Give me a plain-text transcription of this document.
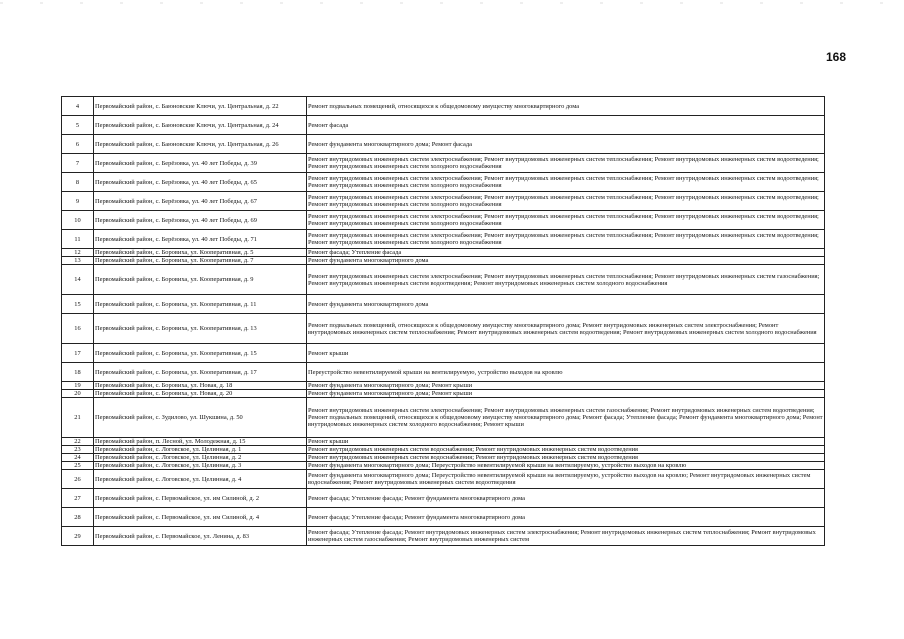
168
4	Первомайский район, с. Баюновские Ключи, ул. Центральная, д. 22	Ремонт подвальных помещений, относящихся к общедомовому имуществу многоквартирного дома
5	Первомайский район, с. Баюновские Ключи, ул. Центральная, д. 24	Ремонт фасада
6	Первомайский район, с. Баюновские Ключи, ул. Центральная, д. 26	Ремонт фундамента многоквартирного дома; Ремонт фасада
7	Первомайский район, с. Берёзовка, ул. 40 лет Победы, д. 39	Ремонт внутридомовых инженерных систем электроснабжения; Ремонт внутридомовых инженерных систем теплоснабжения; Ремонт внутридомовых инженерных систем водоотведения; Ремонт внутридомовых инженерных систем холодного водоснабжения
8	Первомайский район, с. Берёзовка, ул. 40 лет Победы, д. 65	Ремонт внутридомовых инженерных систем электроснабжения; Ремонт внутридомовых инженерных систем теплоснабжения; Ремонт внутридомовых инженерных систем водоотведения; Ремонт внутридомовых инженерных систем холодного водоснабжения
9	Первомайский район, с. Берёзовка, ул. 40 лет Победы, д. 67	Ремонт внутридомовых инженерных систем электроснабжения; Ремонт внутридомовых инженерных систем теплоснабжения; Ремонт внутридомовых инженерных систем водоотведения; Ремонт внутридомовых инженерных систем холодного водоснабжения
10	Первомайский район, с. Берёзовка, ул. 40 лет Победы, д. 69	Ремонт внутридомовых инженерных систем электроснабжения; Ремонт внутридомовых инженерных систем теплоснабжения; Ремонт внутридомовых инженерных систем водоотведения; Ремонт внутридомовых инженерных систем холодного водоснабжения
11	Первомайский район, с. Берёзовка, ул. 40 лет Победы, д. 71	Ремонт внутридомовых инженерных систем электроснабжения; Ремонт внутридомовых инженерных систем теплоснабжения; Ремонт внутридомовых инженерных систем водоотведения; Ремонт внутридомовых инженерных систем холодного водоснабжения
12	Первомайский район, с. Боровиха, ул. Кооперативная, д. 5	Ремонт фасада; Утепление фасада
13	Первомайский район, с. Боровиха, ул. Кооперативная, д. 7	Ремонт фундамента многоквартирного дома
14	Первомайский район, с. Боровиха, ул. Кооперативная, д. 9	Ремонт внутридомовых инженерных систем электроснабжения; Ремонт внутридомовых инженерных систем теплоснабжения; Ремонт внутридомовых инженерных систем газоснабжения; Ремонт внутридомовых инженерных систем водоотведения; Ремонт внутридомовых инженерных систем холодного водоснабжения
15	Первомайский район, с. Боровиха, ул. Кооперативная, д. 11	Ремонт фундамента многоквартирного дома
16	Первомайский район, с. Боровиха, ул. Кооперативная, д. 13	Ремонт подвальных помещений, относящихся к общедомовому имуществу многоквартирного дома; Ремонт внутридомовых инженерных систем электроснабжения; Ремонт внутридомовых инженерных систем теплоснабжения; Ремонт внутридомовых инженерных систем водоотведения; Ремонт внутридомовых инженерных систем холодного водоснабжения
17	Первомайский район, с. Боровиха, ул. Кооперативная, д. 15	Ремонт крыши
18	Первомайский район, с. Боровиха, ул. Кооперативная, д. 17	Переустройство невентилируемой крыши на вентилируемую, устройство выходов на кровлю
19	Первомайский район, с. Боровиха, ул. Новая, д. 18	Ремонт фундамента многоквартирного дома; Ремонт крыши
20	Первомайский район, с. Боровиха, ул. Новая, д. 20	Ремонт фундамента многоквартирного дома; Ремонт крыши
21	Первомайский район, с. Зудилово, ул. Шукшина, д. 50	Ремонт внутридомовых инженерных систем электроснабжения; Ремонт внутридомовых инженерных систем газоснабжения; Ремонт внутридомовых инженерных систем водоотведения; Ремонт подвальных помещений, относящихся к общедомовому имуществу многоквартирного дома; Ремонт фасада; Утепление фасада; Ремонт фундамента многоквартирного дома; Ремонт внутридомовых инженерных систем холодного водоснабжения; Ремонт крыши
22	Первомайский район, п. Лесной, ул. Молодежная, д. 15	Ремонт крыши
23	Первомайский район, с. Логовское, ул. Целинная, д. 1	Ремонт внутридомовых инженерных систем водоснабжения; Ремонт внутридомовых инженерных систем водоотведения
24	Первомайский район, с. Логовское, ул. Целинная, д. 2	Ремонт внутридомовых инженерных систем водоснабжения; Ремонт внутридомовых инженерных систем водоотведения
25	Первомайский район, с. Логовское, ул. Целинная, д. 3	Ремонт фундамента многоквартирного дома; Переустройство невентилируемой крыши на вентилируемую, устройство выходов на кровлю
26	Первомайский район, с. Логовское, ул. Целинная, д. 4	Ремонт фундамента многоквартирного дома; Переустройство невентилируемой крыши на вентилируемую, устройство выходов на кровлю; Ремонт внутридомовых инженерных систем водоснабжения; Ремонт внутридомовых инженерных систем водоотведения
27	Первомайский район, с. Первомайское, ул. им Силиной, д. 2	Ремонт фасада; Утепление фасада; Ремонт фундамента многоквартирного дома
28	Первомайский район, с. Первомайское, ул. им Силиной, д. 4	Ремонт фасада; Утепление фасада; Ремонт фундамента многоквартирного дома
29	Первомайский район, с. Первомайское, ул. Ленина, д. 83	Ремонт фасада; Утепление фасада; Ремонт внутридомовых инженерных систем электроснабжения; Ремонт внутридомовых инженерных систем теплоснабжения; Ремонт внутридомовых инженерных систем газоснабжения; Ремонт внутридомовых инженерных систем
